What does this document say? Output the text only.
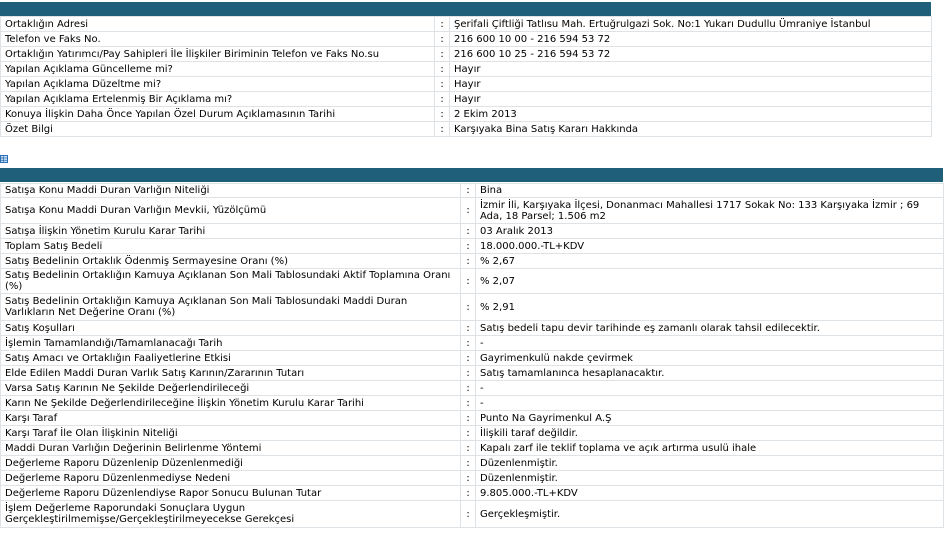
Ortaklığın Adresi	:	Şerifali Çiftliği Tatlısu Mah. Ertuğrulgazi Sok. No:1 Yukarı Dudullu Ümraniye İstanbul
Telefon ve Faks No.	:	216 600 10 00 - 216 594 53 72
Ortaklığın Yatırımcı/Pay Sahipleri İle İlişkiler Biriminin Telefon ve Faks No.su	:	216 600 10 25 - 216 594 53 72
Yapılan Açıklama Güncelleme mi?	:	Hayır
Yapılan Açıklama Düzeltme mi?	:	Hayır
Yapılan Açıklama Ertelenmiş Bir Açıklama mı?	:	Hayır
Konuya İlişkin Daha Önce Yapılan Özel Durum Açıklamasının Tarihi	:	2 Ekim 2013
Özet Bilgi	:	Karşıyaka Bina Satış Kararı Hakkında
Satışa Konu Maddi Duran Varlığın Niteliği	:	Bina
Satışa Konu Maddi Duran Varlığın Mevkii, Yüzölçümü	:	İzmir İli, Karşıyaka İlçesi, Donanmacı Mahallesi 1717 Sokak No: 133 Karşıyaka İzmir ; 69 Ada, 18 Parsel; 1.506 m2
Satışa İlişkin Yönetim Kurulu Karar Tarihi	:	03 Aralık 2013
Toplam Satış Bedeli	:	18.000.000.-TL+KDV
Satış Bedelinin Ortaklık Ödenmiş Sermayesine Oranı (%)	:	% 2,67
Satış Bedelinin Ortaklığın Kamuya Açıklanan Son Mali Tablosundaki Aktif Toplamına Oranı (%)	:	% 2,07
Satış Bedelinin Ortaklığın Kamuya Açıklanan Son Mali Tablosundaki Maddi Duran Varlıkların Net Değerine Oranı (%)	:	% 2,91
Satış Koşulları	:	Satış bedeli tapu devir tarihinde eş zamanlı olarak tahsil edilecektir.
İşlemin Tamamlandığı/Tamamlanacağı Tarih	:	-
Satış Amacı ve Ortaklığın Faaliyetlerine Etkisi	:	Gayrimenkulü nakde çevirmek
Elde Edilen Maddi Duran Varlık Satış Karının/Zararının Tutarı	:	Satış tamamlanınca hesaplanacaktır.
Varsa Satış Karının Ne Şekilde Değerlendirileceği	:	-
Karın Ne Şekilde Değerlendirileceğine İlişkin Yönetim Kurulu Karar Tarihi	:	-
Karşı Taraf	:	Punto Na Gayrimenkul A.Ş
Karşı Taraf İle Olan İlişkinin Niteliği	:	İlişkili taraf değildir.
Maddi Duran Varlığın Değerinin Belirlenme Yöntemi	:	Kapalı zarf ile teklif toplama ve açık artırma usulü ihale
Değerleme Raporu Düzenlenip Düzenlenmediği	:	Düzenlenmiştir.
Değerleme Raporu Düzenlenmediyse Nedeni	:	Düzenlenmiştir.
Değerleme Raporu Düzenlendiyse Rapor Sonucu Bulunan Tutar	:	9.805.000.-TL+KDV
İşlem Değerleme Raporundaki Sonuçlara Uygun Gerçekleştirilmemişse/Gerçekleştirilmeyecekse Gerekçesi	:	Gerçekleşmiştir.
